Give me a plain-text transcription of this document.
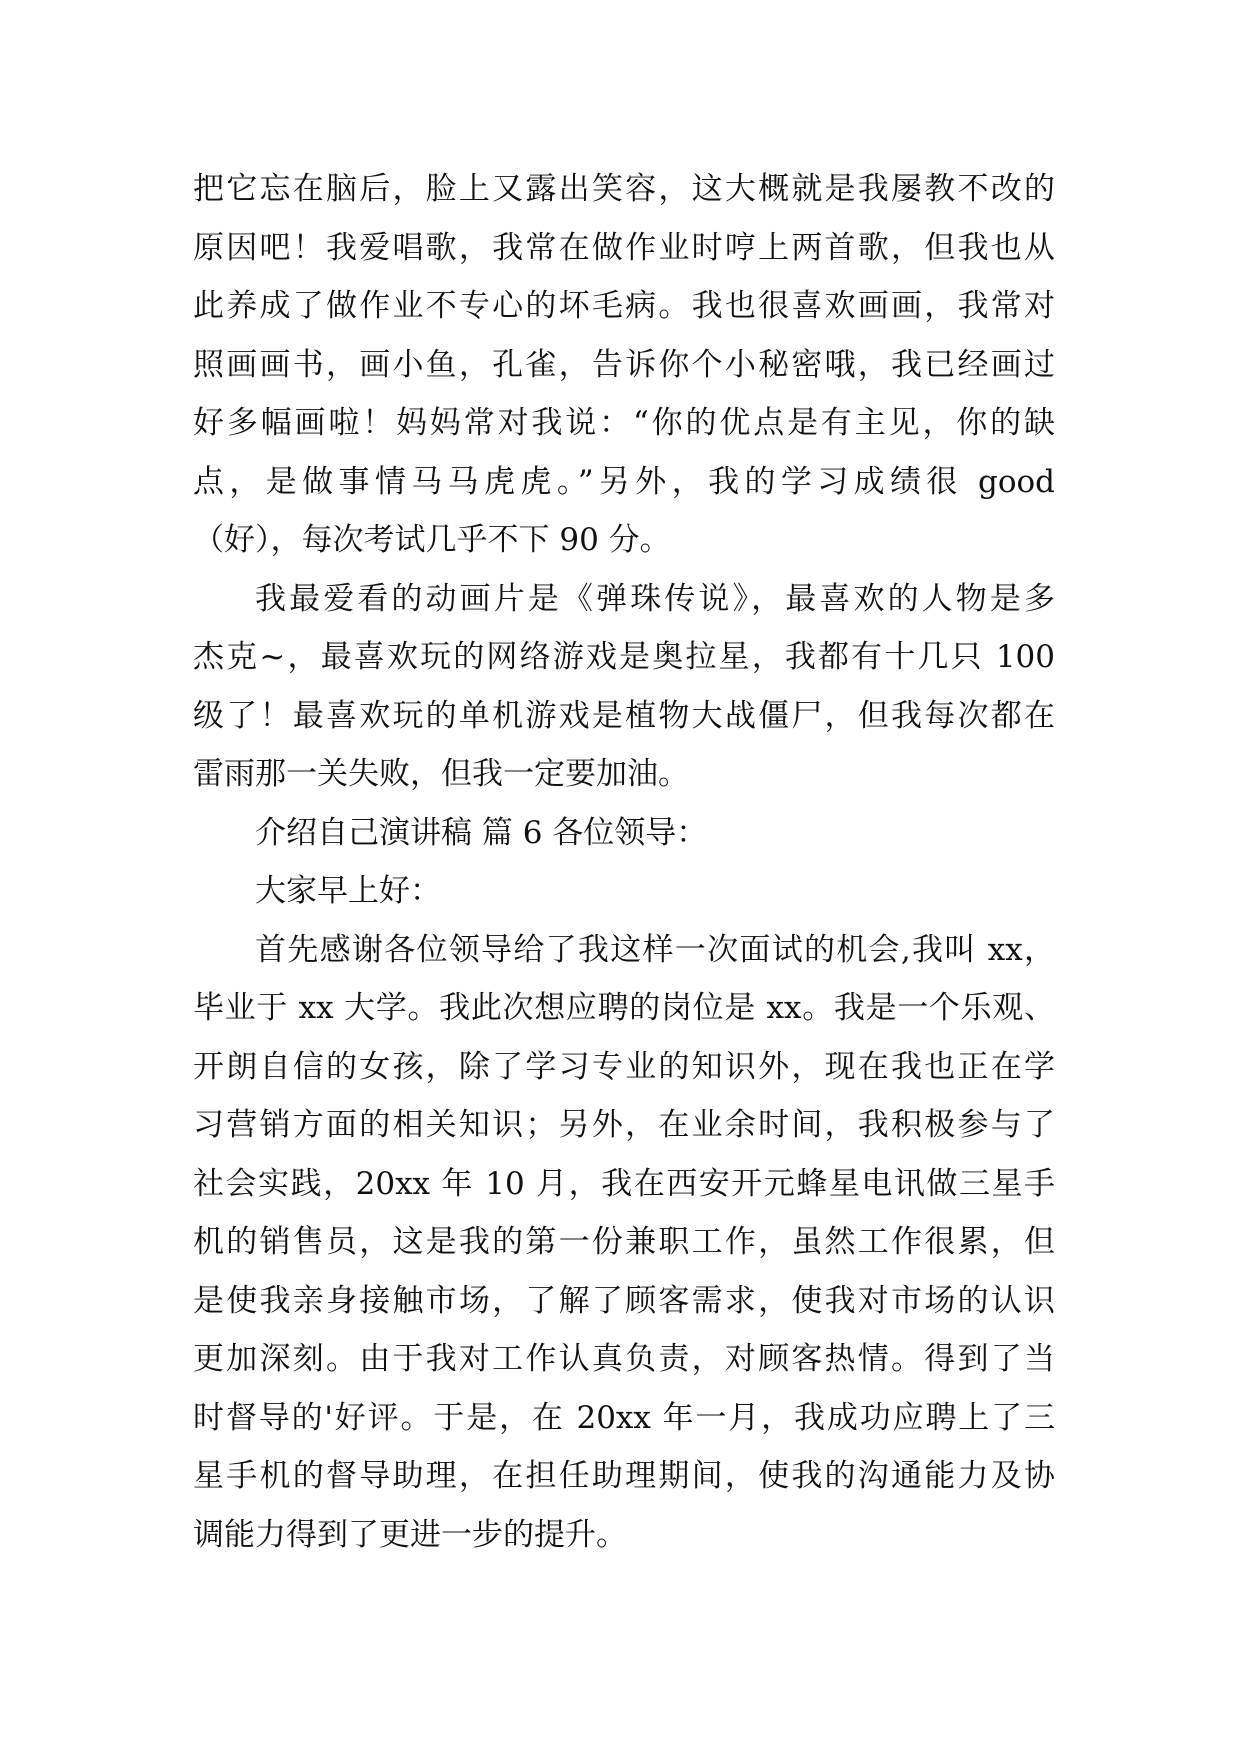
把它忘在脑后，脸上又露出笑容，这大概就是我屡教不改的
原因吧！我爱唱歌，我常在做作业时哼上两首歌，但我也从
此养成了做作业不专心的坏毛病。我也很喜欢画画，我常对
照画画书，画小鱼，孔雀，告诉你个小秘密哦，我已经画过
好多幅画啦！妈妈常对我说：“你的优点是有主见，你的缺
点，是做事情马马虎虎。”另外，我的学习成绩很 good
（好），每次考试几乎不下 90 分。
我最爱看的动画片是《弹珠传说》，最喜欢的人物是多
杰克~，最喜欢玩的网络游戏是奥拉星，我都有十几只 100
级了！最喜欢玩的单机游戏是植物大战僵尸，但我每次都在
雷雨那一关失败，但我一定要加油。
介绍自己演讲稿 篇 6 各位领导：
大家早上好：
首先感谢各位领导给了我这样一次面试的机会,我叫 xx，
毕业于 xx 大学。我此次想应聘的岗位是 xx。我是一个乐观、
开朗自信的女孩，除了学习专业的知识外，现在我也正在学
习营销方面的相关知识；另外，在业余时间，我积极参与了
社会实践，20xx 年 10 月，我在西安开元蜂星电讯做三星手
机的销售员，这是我的第一份兼职工作，虽然工作很累，但
是使我亲身接触市场，了解了顾客需求，使我对市场的认识
更加深刻。由于我对工作认真负责，对顾客热情。得到了当
时督导的'好评。于是，在 20xx 年一月，我成功应聘上了三
星手机的督导助理，在担任助理期间，使我的沟通能力及协
调能力得到了更进一步的提升。
